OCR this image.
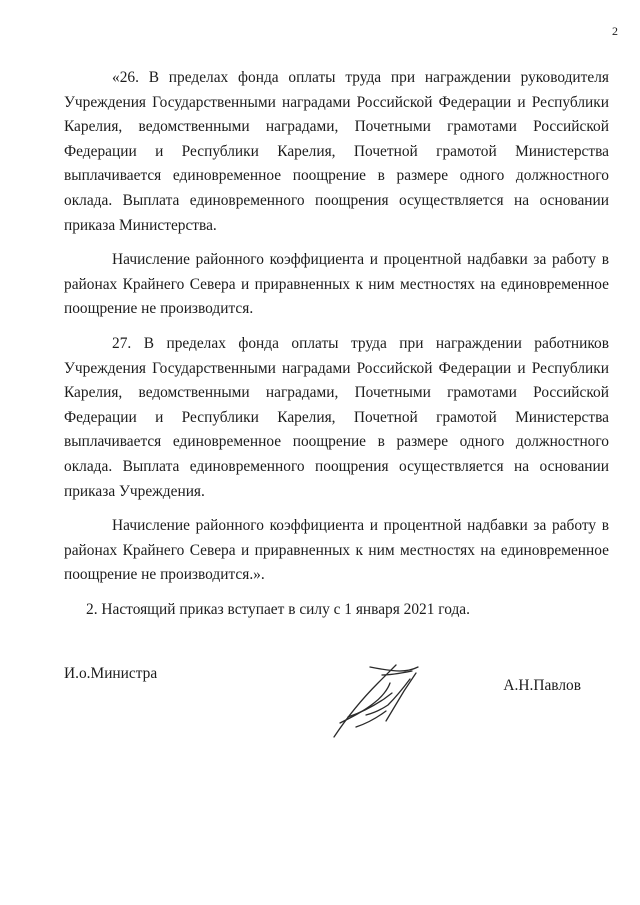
2

«26. В пределах фонда оплаты труда при награждении руководителя Учреждения Государственными наградами Российской Федерации и Республики Карелия, ведомственными наградами, Почетными грамотами Российской Федерации и Республики Карелия, Почетной грамотой Министерства выплачивается единовременное поощрение в размере одного должностного оклада. Выплата единовременного поощрения осуществляется на основании приказа Министерства.

Начисление районного коэффициента и процентной надбавки за работу в районах Крайнего Севера и приравненных к ним местностях на единовременное поощрение не производится.

27. В пределах фонда оплаты труда при награждении работников Учреждения Государственными наградами Российской Федерации и Республики Карелия, ведомственными наградами, Почетными грамотами Российской Федерации и Республики Карелия, Почетной грамотой Министерства выплачивается единовременное поощрение в размере одного должностного оклада. Выплата единовременного поощрения осуществляется на основании приказа Учреждения.

Начисление районного коэффициента и процентной надбавки за работу в районах Крайнего Севера и приравненных к ним местностях на единовременное поощрение не производится.».

2. Настоящий приказ вступает в силу с 1 января 2021 года.

И.о.Министра
А.Н.Павлов
